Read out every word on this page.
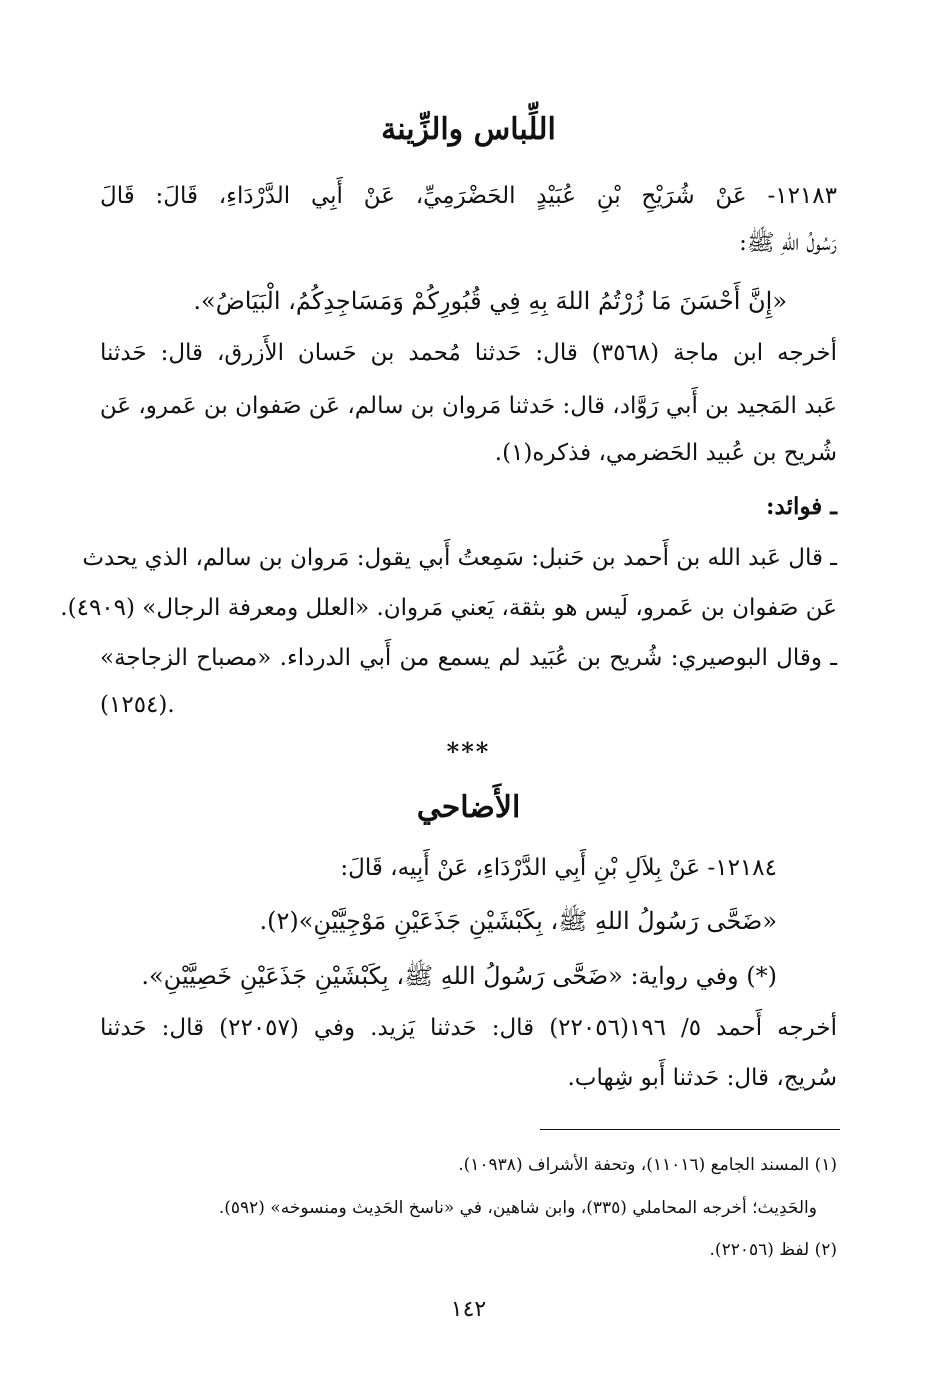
اللِّباس والزِّينة
١٢١٨٣- عَنْ شُرَيْحِ بْنِ عُبَيْدٍ الحَضْرَمِيِّ، عَنْ أَبِي الدَّرْدَاءِ، قَالَ: قَالَ
رَسُولُ اللهِ ﷺ:
«إِنَّ أَحْسَنَ مَا زُرْتُمُ اللهَ بِهِ فِي قُبُورِكُمْ وَمَسَاجِدِكُمُ، الْبَيَاضُ».
أخرجه ابن ماجة (٣٥٦٨) قال: حَدثنا مُحمد بن حَسان الأَزرق، قال: حَدثنا
عَبد المَجيد بن أَبي رَوَّاد، قال: حَدثنا مَروان بن سالم، عَن صَفوان بن عَمرو، عَن
شُريح بن عُبيد الحَضرمي، فذكره(١).
ـ فوائد:
ـ قال عَبد الله بن أَحمد بن حَنبل: سَمِعتُ أَبي يقول: مَروان بن سالم، الذي يحدث
عَن صَفوان بن عَمرو، لَيس هو بثقة، يَعني مَروان. «العلل ومعرفة الرجال» (٤٩٠٩).
ـ وقال البوصيري: شُريح بن عُبَيد لم يسمع من أَبي الدرداء. «مصباح الزجاجة»
(١٢٥٤).
***
الأَضاحي
١٢١٨٤- عَنْ بِلاَلِ بْنِ أَبِي الدَّرْدَاءِ، عَنْ أَبِيه، قَالَ:
«ضَحَّى رَسُولُ اللهِ ﷺ، بِكَبْشَيْنِ جَذَعَيْنِ مَوْجِيَّيْنِ»(٢).
(*) وفي رواية: «ضَحَّى رَسُولُ اللهِ ﷺ، بِكَبْشَيْنِ جَذَعَيْنِ خَصِيَّيْنِ».
أخرجه أَحمد ٥/ ١٩٦(٢٢٠٥٦) قال: حَدثنا يَزيد. وفي (٢٢٠٥٧) قال: حَدثنا
سُريج، قال: حَدثنا أَبو شِهاب.
(١) المسند الجامع (١١٠١٦)، وتحفة الأشراف (١٠٩٣٨).
والحَدِيث؛ أخرجه المحاملي (٣٣٥)، وابن شاهين، في «ناسخ الحَدِيث ومنسوخه» (٥٩٢).
(٢) لفظ (٢٢٠٥٦).
١٤٢
